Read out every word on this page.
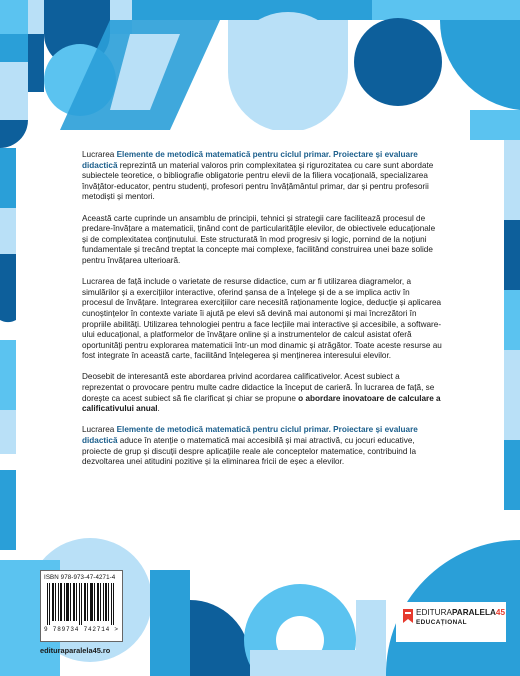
Lucrarea Elemente de metodică matematică pentru ciclul primar. Proiectare și evaluare didactică reprezintă un material valoros prin complexitatea și rigurozitatea cu care sunt abordate subiectele teoretice, o bibliografie obligatorie pentru elevii de la filiera vocațională, specializarea învățător-educator, pentru studenți, profesori pentru învățământul primar, dar și pentru profesorii metodiști și mentori.

Această carte cuprinde un ansamblu de principii, tehnici și strategii care facilitează procesul de predare-învățare a matematicii, ținând cont de particularitățile elevilor, de obiectivele educaționale și de complexitatea conținutului. Este structurată în mod progresiv și logic, pornind de la noțiuni fundamentale și trecând treptat la concepte mai complexe, facilitând construirea unei baze solide pentru învățarea ulterioară.

Lucrarea de față include o varietate de resurse didactice, cum ar fi utilizarea diagramelor, a simulărilor și a exercițiilor interactive, oferind șansa de a înțelege și de a se implica activ în procesul de învățare. Integrarea exercițiilor care necesită raționamente logice, deducție și aplicarea cunoștințelor în contexte variate îi ajută pe elevi să devină mai autonomi și mai încrezători în propriile abilități. Utilizarea tehnologiei pentru a face lecțiile mai interactive și accesibile, a software-ului educațional, a platformelor de învățare online și a instrumentelor de calcul asistat oferă oportunități pentru explorarea matematicii într-un mod dinamic și atrăgător. Toate aceste resurse au fost integrate în această carte, facilitând înțelegerea și menținerea interesului elevilor.

Deosebit de interesantă este abordarea privind acordarea calificativelor. Acest subiect a reprezentat o provocare pentru multe cadre didactice la început de carieră. În lucrarea de față, se dorește ca acest subiect să fie clarificat și chiar se propune o abordare inovatoare de calculare a calificativului anual.

Lucrarea Elemente de metodică matematică pentru ciclul primar. Proiectare și evaluare didactică aduce în atenție o matematică mai accesibilă și mai atractivă, cu jocuri educative, proiecte de grup și discuții despre aplicațiile reale ale conceptelor matematice, contribuind la dezvoltarea unei atitudini pozitive și la eliminarea fricii de eșec a elevilor.

ISBN 978-973-47-4271-4
9 789734 742714 >
edituraparalela45.ro
EDITURAPARALELA45
EDUCAȚIONAL
